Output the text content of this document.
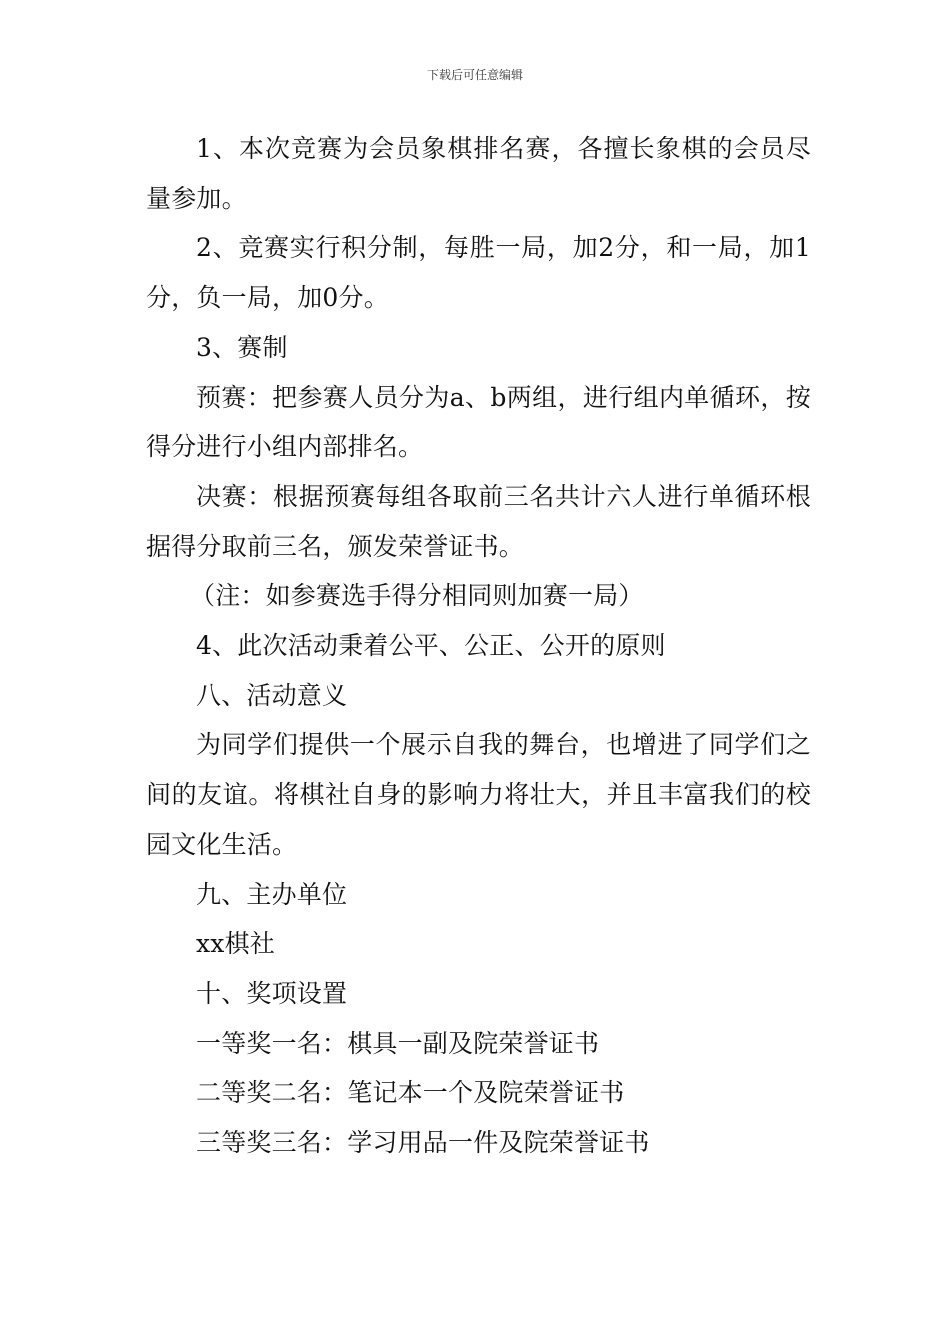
下载后可任意编辑

1、本次竞赛为会员象棋排名赛，各擅长象棋的会员尽量参加。

2、竞赛实行积分制，每胜一局，加2分，和一局，加1分，负一局，加0分。

3、赛制

预赛：把参赛人员分为a、b两组，进行组内单循环，按得分进行小组内部排名。

决赛：根据预赛每组各取前三名共计六人进行单循环根据得分取前三名，颁发荣誉证书。

（注：如参赛选手得分相同则加赛一局）

4、此次活动秉着公平、公正、公开的原则

八、活动意义

为同学们提供一个展示自我的舞台，也增进了同学们之间的友谊。将棋社自身的影响力将壮大，并且丰富我们的校园文化生活。

九、主办单位

xx棋社

十、奖项设置

一等奖一名：棋具一副及院荣誉证书

二等奖二名：笔记本一个及院荣誉证书

三等奖三名：学习用品一件及院荣誉证书
